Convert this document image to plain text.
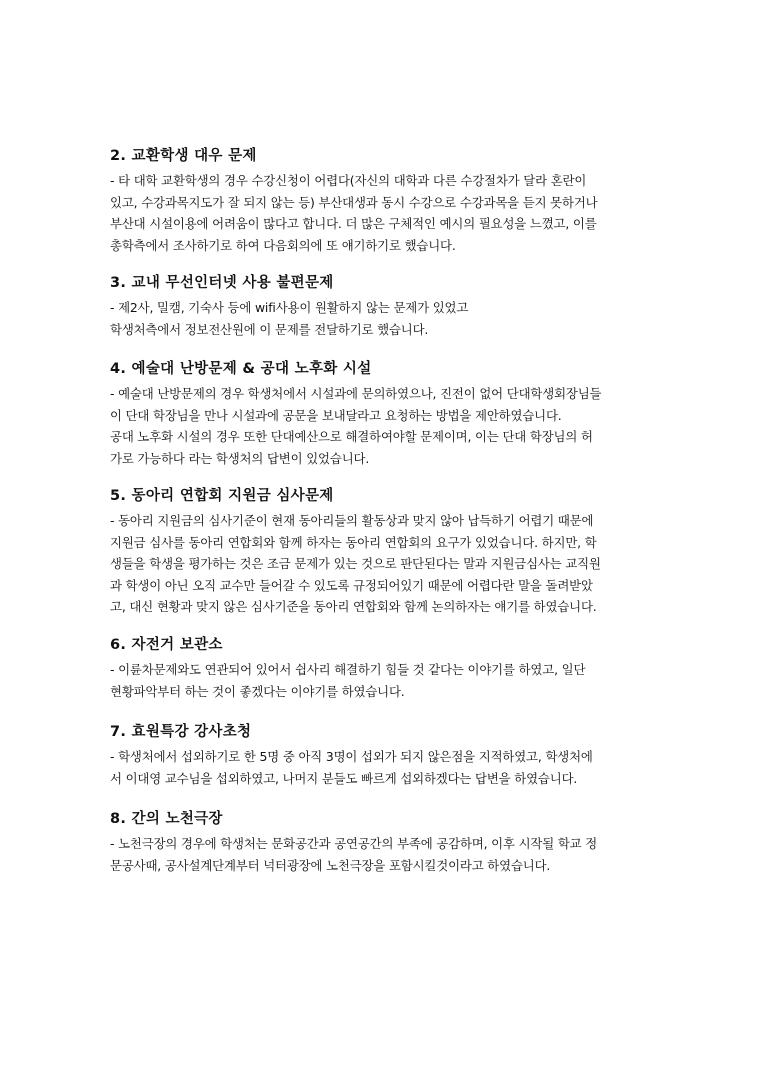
2. 교환학생 대우 문제
- 타 대학 교환학생의 경우 수강신청이 어렵다(자신의 대학과 다른 수강절차가 달라 혼란이
있고, 수강과목지도가 잘 되지 않는 등) 부산대생과 동시 수강으로 수강과목을 듣지 못하거나
부산대 시설이용에 어려움이 많다고 합니다. 더 많은 구체적인 예시의 필요성을 느꼈고, 이를
총학측에서 조사하기로 하여 다음회의에 또 얘기하기로 했습니다.
3. 교내 무선인터넷 사용 불편문제
- 제2사, 밀캠, 기숙사 등에 wifi사용이 원활하지 않는 문제가 있었고
학생처측에서 정보전산원에 이 문제를 전달하기로 했습니다.
4. 예술대 난방문제 & 공대 노후화 시설
- 예술대 난방문제의 경우 학생처에서 시설과에 문의하였으나, 진전이 없어 단대학생회장님들
이 단대 학장님을 만나 시설과에 공문을 보내달라고 요청하는 방법을 제안하였습니다.
공대 노후화 시설의 경우 또한 단대예산으로 해결하여야할 문제이며, 이는 단대 학장님의 허
가로 가능하다 라는 학생처의 답변이 있었습니다.
5. 동아리 연합회 지원금 심사문제
- 동아리 지원금의 심사기준이 현재 동아리들의 활동상과 맞지 않아 납득하기 어렵기 때문에
지원금 심사를 동아리 연합회와 함께 하자는 동아리 연합회의 요구가 있었습니다. 하지만, 학
생들을 학생을 평가하는 것은 조금 문제가 있는 것으로 판단된다는 말과 지원금심사는 교직원
과 학생이 아닌 오직 교수만 들어갈 수 있도록 규정되어있기 때문에 어렵다란 말을 돌려받았
고, 대신 현황과 맞지 않은 심사기준을 동아리 연합회와 함께 논의하자는 얘기를 하였습니다.
6. 자전거 보관소
- 이륜차문제와도 연관되어 있어서 쉽사리 해결하기 힘들 것 같다는 이야기를 하였고, 일단
현황파악부터 하는 것이 좋겠다는 이야기를 하였습니다.
7. 효원특강 강사초청
- 학생처에서 섭외하기로 한 5명 중 아직 3명이 섭외가 되지 않은점을 지적하였고, 학생처에
서 이대영 교수님을 섭외하였고, 나머지 분들도 빠르게 섭외하겠다는 답변을 하였습니다.
8. 간의 노천극장
- 노천극장의 경우에 학생처는 문화공간과 공연공간의 부족에 공감하며, 이후 시작될 학교 정
문공사때, 공사설계단계부터 넉터광장에 노천극장을 포함시킬것이라고 하였습니다.
